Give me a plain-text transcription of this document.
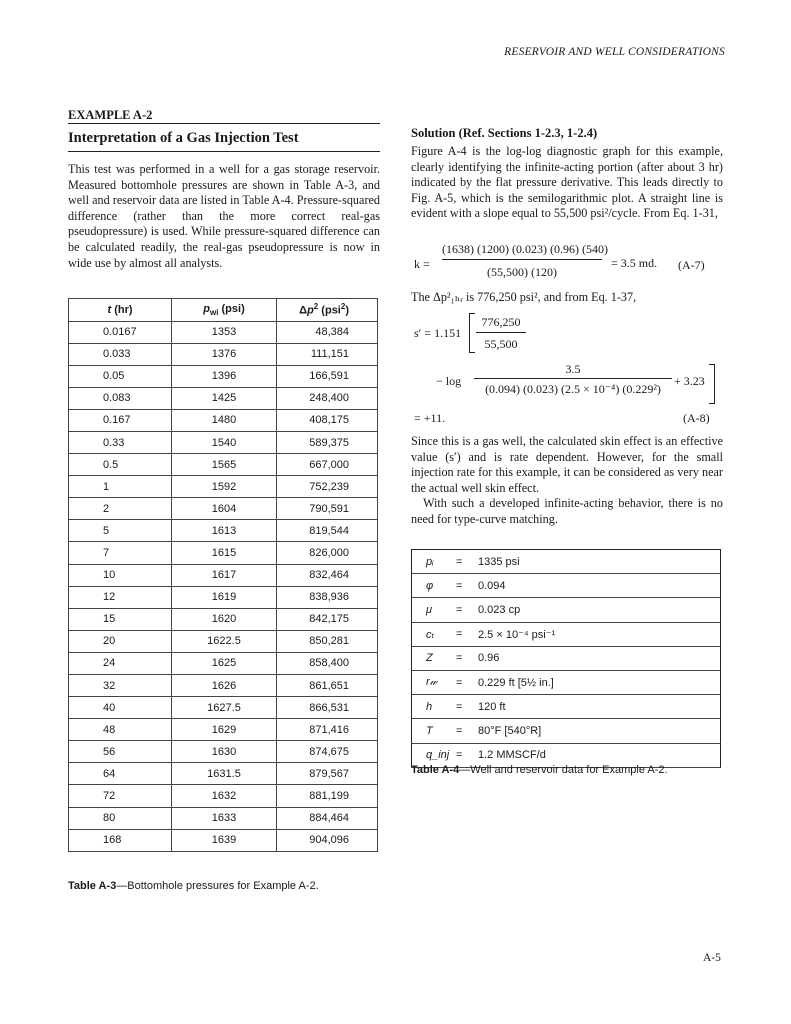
RESERVOIR AND WELL CONSIDERATIONS
EXAMPLE A-2
Interpretation of a Gas Injection Test

This test was performed in a well for a gas storage reservoir. Measured bottomhole pressures are shown in Table A-3, and well and reservoir data are listed in Table A-4. Pressure-squared difference (rather than the more correct real-gas pseudopressure) is used. While pressure-squared difference can be calculated readily, the real-gas pseudopressure is now in wide use by almost all analysts.

t (hr)	$p_{wi}$ (psi)	$\Delta p^2$ (psi$^2$)
0.0167	1353	48,384
0.033	1376	111,151
0.05	1396	166,591
0.083	1425	248,400
0.167	1480	408,175
0.33	1540	589,375
0.5	1565	667,000
1	1592	752,239
2	1604	790,591
5	1613	819,544
7	1615	826,000
10	1617	832,464
12	1619	838,936
15	1620	842,175
20	1622.5	850,281
24	1625	858,400
32	1626	861,651
40	1627.5	866,531
48	1629	871,416
56	1630	874,675
64	1631.5	879,567
72	1632	881,199
80	1633	884,464
168	1639	904,096
Table A-3—Bottomhole pressures for Example A-2.
Solution (Ref. Sections 1-2.3, 1-2.4)

Figure A-4 is the log-log diagnostic graph for this example, clearly identifying the infinite-acting portion (after about 3 hr) indicated by the flat pressure derivative. This leads directly to Fig. A-5, which is the semilogarithmic plot. A straight line is evident with a slope equal to 55,500 psi²/cycle. From Eq. 1-31,

k =
(1638) (1200) (0.023) (0.96) (540)
(55,500) (120)
= 3.5 md. (A-7)
The Δp²₁ₕᵣ is 776,250 psi², and from Eq. 1-37,
s′ = 1.151
776,250
55,500
− log
3.5
(0.094) (0.023) (2.5 × 10⁻⁴) (0.229²)
+ 3.23
= +11.	(A-8)

Since this is a gas well, the calculated skin effect is an effective value (s′) and is rate dependent. However, for the small injection rate for this example, it can be considered as very near the actual well skin effect.

With such a developed infinite-acting behavior, there is no need for type-curve matching.

pᵢ	=	1335 psi
φ	=	0.094
μ	=	0.023 cp
cₜ	=	2.5 × 10⁻⁴ psi⁻¹
Z	=	0.96
r𝓌	=	0.229 ft [5½ in.]
h	=	120 ft
T	=	80°F [540°R]
q_inj	=	1.2 MMSCF/d
Table A-4—Well and reservoir data for Example A-2.
A-5
